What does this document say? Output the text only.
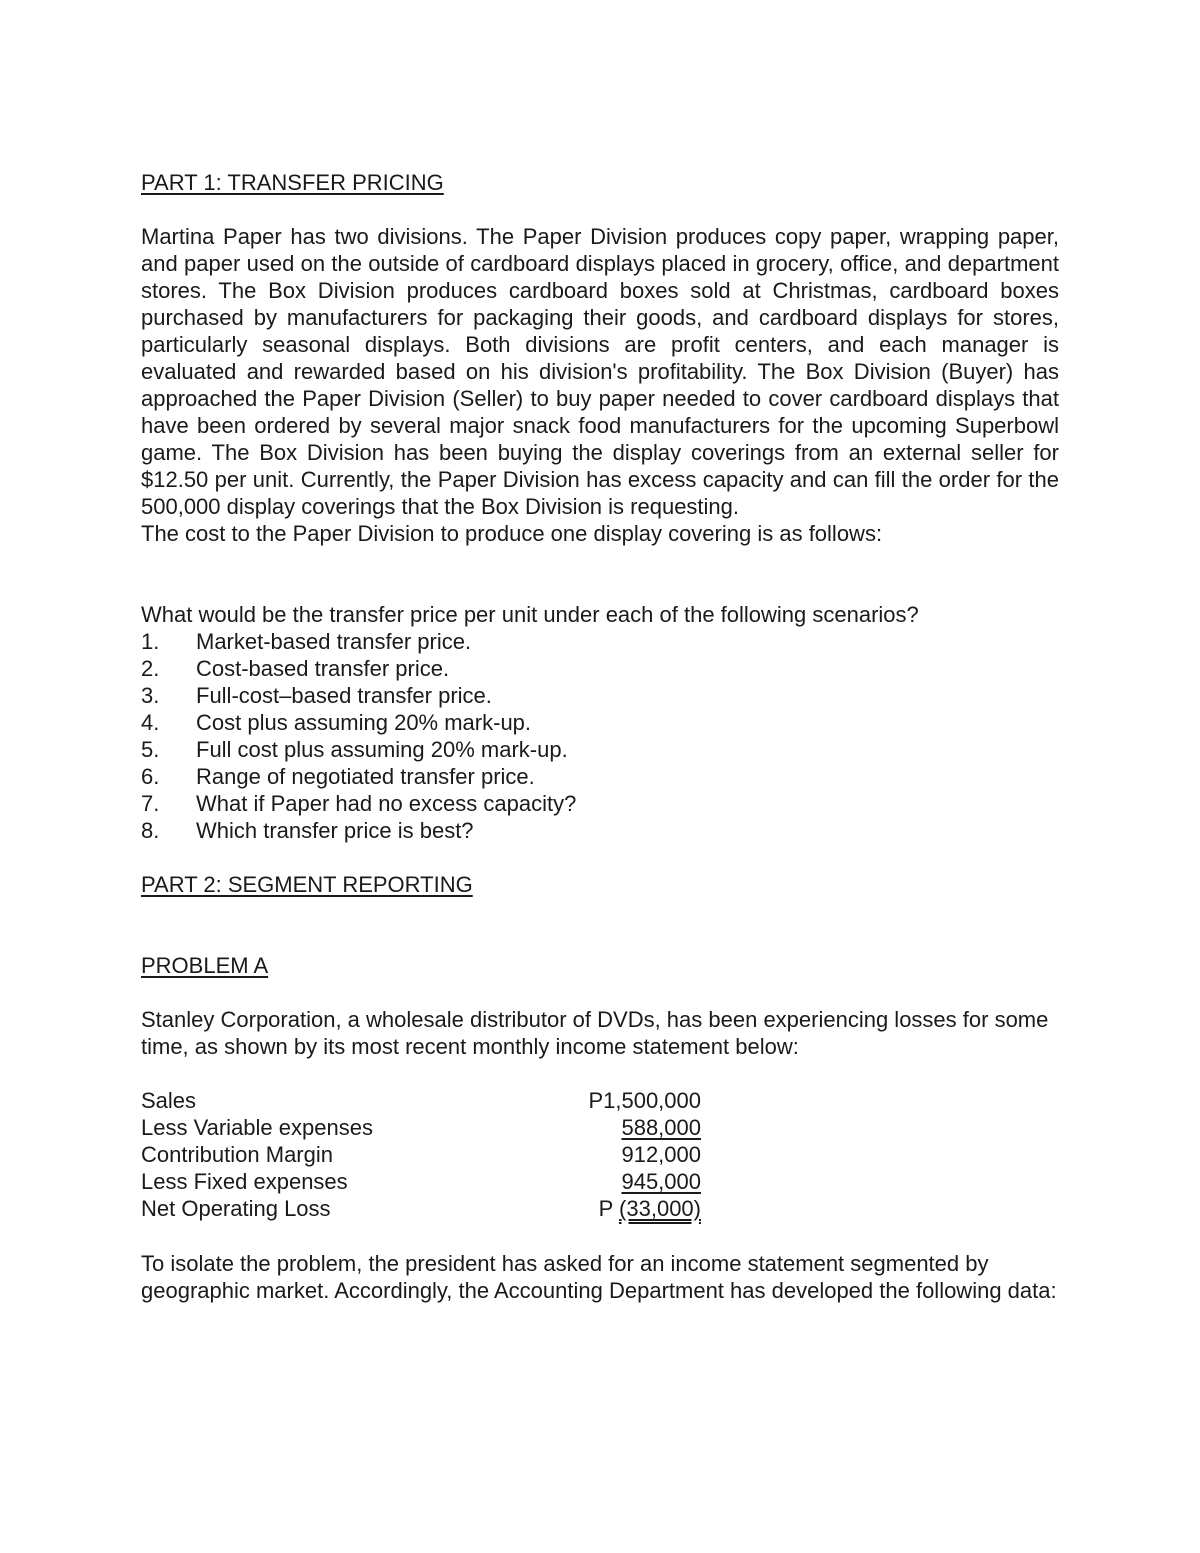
PART 1: TRANSFER PRICING

Martina Paper has two divisions. The Paper Division produces copy paper, wrapping paper, and paper used on the outside of cardboard displays placed in grocery, office, and department stores. The Box Division produces cardboard boxes sold at Christmas, cardboard boxes purchased by manufacturers for packaging their goods, and cardboard displays for stores, particularly seasonal displays. Both divisions are profit centers, and each manager is evaluated and rewarded based on his division's profitability. The Box Division (Buyer) has approached the Paper Division (Seller) to buy paper needed to cover cardboard displays that have been ordered by several major snack food manufacturers for the upcoming Superbowl game. The Box Division has been buying the display coverings from an external seller for $12.50 per unit. Currently, the Paper Division has excess capacity and can fill the order for the 500,000 display coverings that the Box Division is requesting.

The cost to the Paper Division to produce one display covering is as follows:

What would be the transfer price per unit under each of the following scenarios?

1.	Market-based transfer price.
2.	Cost-based transfer price.
3.	Full-cost–based transfer price.
4.	Cost plus assuming 20% mark-up.
5.	Full cost plus assuming 20% mark-up.
6.	Range of negotiated transfer price.
7.	What if Paper had no excess capacity?
8.	Which transfer price is best?
PART 2: SEGMENT REPORTING
PROBLEM A

Stanley Corporation, a wholesale distributor of DVDs, has been experiencing losses for some time, as shown by its most recent monthly income statement below:

Sales	P1,500,000
Less Variable expenses	588,000
Contribution Margin	912,000
Less Fixed expenses	945,000
Net Operating Loss	P (33,000)

To isolate the problem, the president has asked for an income statement segmented by geographic market. Accordingly, the Accounting Department has developed the following data:
